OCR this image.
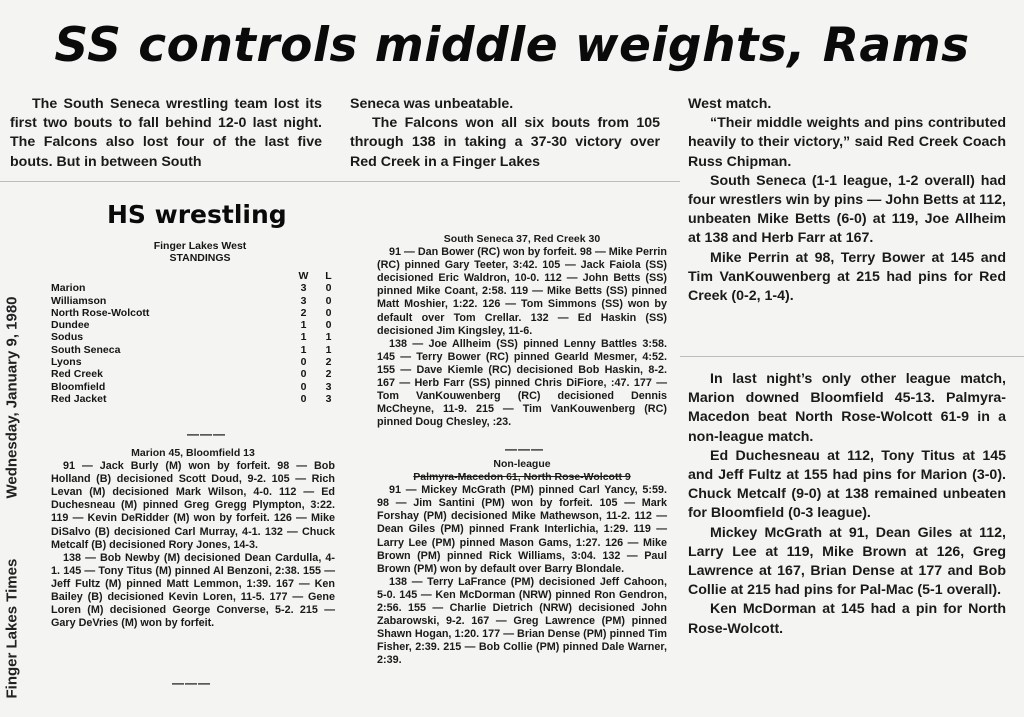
SS controls middle weights, Rams

The South Seneca wrestling team lost its first two bouts to fall behind 12-0 last night. The Falcons also lost four of the last five bouts. But in between South

Seneca was unbeatable.

The Falcons won all six bouts from 105 through 138 in taking a 37-30 victory over Red Creek in a Finger Lakes

West match.

“Their middle weights and pins contributed heavily to their victory,” said Red Creek Coach Russ Chipman.

South Seneca (1-1 league, 1-2 overall) had four wrestlers win by pins — John Betts at 112, unbeaten Mike Betts (6-0) at 119, Joe Allheim at 138 and Herb Farr at 167.

Mike Perrin at 98, Terry Bower at 145 and Tim VanKouwenberg at 215 had pins for Red Creek (0-2, 1-4).

In last night’s only other league match, Marion downed Bloomfield 45-13. Palmyra-Macedon beat North Rose-Wolcott 61-9 in a non-league match.

Ed Duchesneau at 112, Tony Titus at 145 and Jeff Fultz at 155 had pins for Marion (3-0). Chuck Metcalf (9-0) at 138 remained unbeaten for Bloomfield (0-3 league).

Mickey McGrath at 91, Dean Giles at 112, Larry Lee at 119, Mike Brown at 126, Greg Lawrence at 167, Brian Dense at 177 and Bob Collie at 215 had pins for Pal-Mac (5-1 overall).

Ken McDorman at 145 had a pin for North Rose-Wolcott.

Finger Lakes Times Wednesday, January 9, 1980
HS wrestling
Finger Lakes West
STANDINGS
W	L
Marion	3	0
Williamson	3	0
North Rose-Wolcott	2	0
Dundee	1	0
Sodus	1	1
South Seneca	1	1
Lyons	0	2
Red Creek	0	2
Bloomfield	0	3
Red Jacket	0	3
———
Marion 45, Bloomfield 13

91 — Jack Burly (M) won by forfeit. 98 — Bob Holland (B) decisioned Scott Doud, 9-2. 105 — Rich Levan (M) decisioned Mark Wilson, 4-0. 112 — Ed Duchesneau (M) pinned Greg Gregg Plympton, 3:22. 119 — Kevin DeRidder (M) won by forfeit. 126 — Mike DiSalvo (B) decisioned Carl Murray, 4-1. 132 — Chuck Metcalf (B) decisioned Rory Jones, 14-3.

138 — Bob Newby (M) decisioned Dean Cardulla, 4-1. 145 — Tony Titus (M) pinned Al Benzoni, 2:38. 155 — Jeff Fultz (M) pinned Matt Lemmon, 1:39. 167 — Ken Bailey (B) decisioned Kevin Loren, 11-5. 177 — Gene Loren (M) decisioned George Converse, 5-2. 215 — Gary DeVries (M) won by forfeit.

———
South Seneca 37, Red Creek 30

91 — Dan Bower (RC) won by forfeit. 98 — Mike Perrin (RC) pinned Gary Teeter, 3:42. 105 — Jack Faiola (SS) decisioned Eric Waldron, 10-0. 112 — John Betts (SS) pinned Mike Coant, 2:58. 119 — Mike Betts (SS) pinned Matt Moshier, 1:22. 126 — Tom Simmons (SS) won by default over Tom Crellar. 132 — Ed Haskin (SS) decisioned Jim Kingsley, 11-6.

138 — Joe Allheim (SS) pinned Lenny Battles 3:58. 145 — Terry Bower (RC) pinned Gearld Mesmer, 4:52. 155 — Dave Kiemle (RC) decisioned Bob Haskin, 8-2. 167 — Herb Farr (SS) pinned Chris DiFiore, :47. 177 — Tom VanKouwenberg (RC) decisioned Dennis McCheyne, 11-9. 215 — Tim VanKouwenberg (RC) pinned Doug Chesley, :23.

———
Non-league
Palmyra-Macedon 61, North Rose-Wolcott 9

91 — Mickey McGrath (PM) pinned Carl Yancy, 5:59. 98 — Jim Santini (PM) won by forfeit. 105 — Mark Forshay (PM) decisioned Mike Mathewson, 11-2. 112 — Dean Giles (PM) pinned Frank Interlichia, 1:29. 119 — Larry Lee (PM) pinned Mason Gams, 1:27. 126 — Mike Brown (PM) pinned Rick Williams, 3:04. 132 — Paul Brown (PM) won by default over Barry Blondale.

138 — Terry LaFrance (PM) decisioned Jeff Cahoon, 5-0. 145 — Ken McDorman (NRW) pinned Ron Gendron, 2:56. 155 — Charlie Dietrich (NRW) decisioned John Zabarowski, 9-2. 167 — Greg Lawrence (PM) pinned Shawn Hogan, 1:20. 177 — Brian Dense (PM) pinned Tim Fisher, 2:39. 215 — Bob Collie (PM) pinned Dale Warner, 2:39.
